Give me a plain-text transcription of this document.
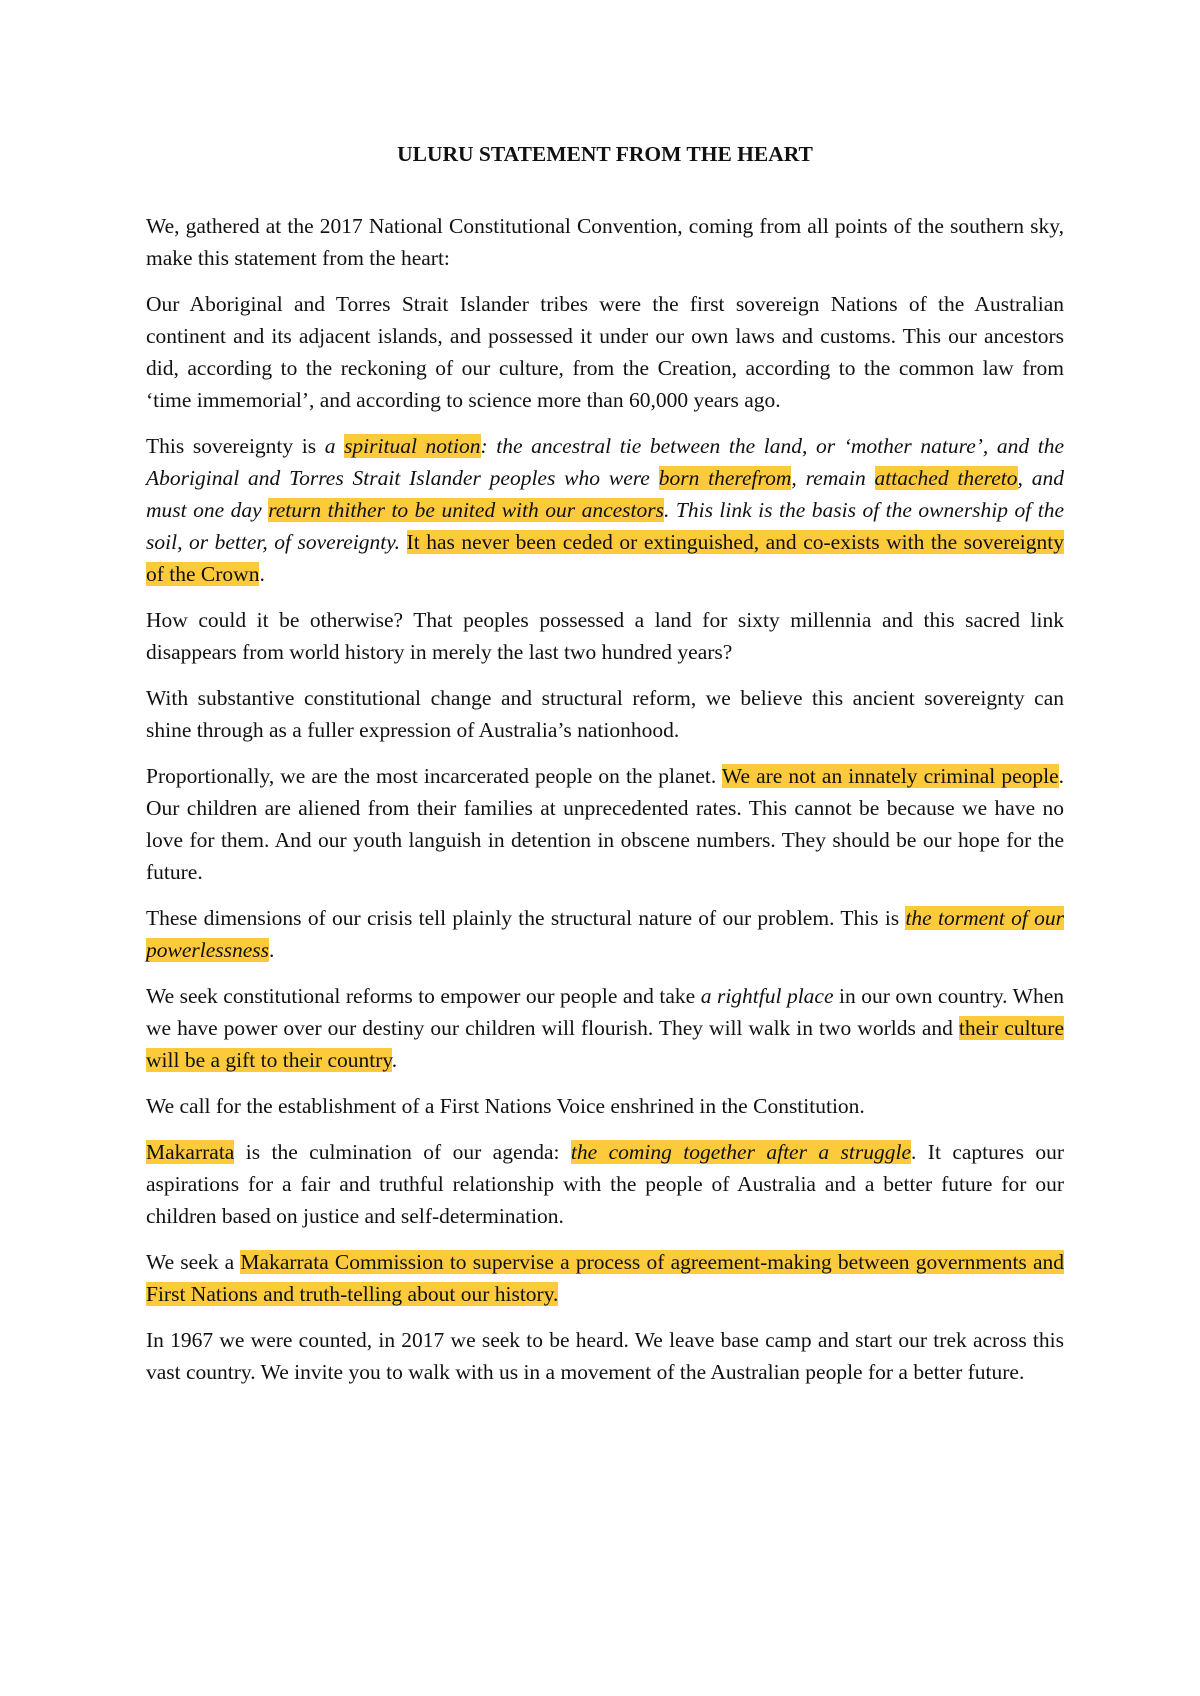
ULURU STATEMENT FROM THE HEART

We, gathered at the 2017 National Constitutional Convention, coming from all points of the southern sky, make this statement from the heart:

Our Aboriginal and Torres Strait Islander tribes were the first sovereign Nations of the Australian continent and its adjacent islands, and possessed it under our own laws and customs. This our ancestors did, according to the reckoning of our culture, from the Creation, according to the common law from ‘time immemorial’, and according to science more than 60,000 years ago.

This sovereignty is a spiritual notion: the ancestral tie between the land, or ‘mother nature’, and the Aboriginal and Torres Strait Islander peoples who were born therefrom, remain attached thereto, and must one day return thither to be united with our ancestors. This link is the basis of the ownership of the soil, or better, of sovereignty. It has never been ceded or extinguished, and co-exists with the sovereignty of the Crown.

How could it be otherwise? That peoples possessed a land for sixty millennia and this sacred link disappears from world history in merely the last two hundred years?

With substantive constitutional change and structural reform, we believe this ancient sovereignty can shine through as a fuller expression of Australia’s nationhood.

Proportionally, we are the most incarcerated people on the planet. We are not an innately criminal people. Our children are aliened from their families at unprecedented rates. This cannot be because we have no love for them. And our youth languish in detention in obscene numbers. They should be our hope for the future.

These dimensions of our crisis tell plainly the structural nature of our problem. This is the torment of our powerlessness.

We seek constitutional reforms to empower our people and take a rightful place in our own country. When we have power over our destiny our children will flourish. They will walk in two worlds and their culture will be a gift to their country.

We call for the establishment of a First Nations Voice enshrined in the Constitution.

Makarrata is the culmination of our agenda: the coming together after a struggle. It captures our aspirations for a fair and truthful relationship with the people of Australia and a better future for our children based on justice and self-determination.

We seek a Makarrata Commission to supervise a process of agreement-making between governments and First Nations and truth-telling about our history.

In 1967 we were counted, in 2017 we seek to be heard. We leave base camp and start our trek across this vast country. We invite you to walk with us in a movement of the Australian people for a better future.
